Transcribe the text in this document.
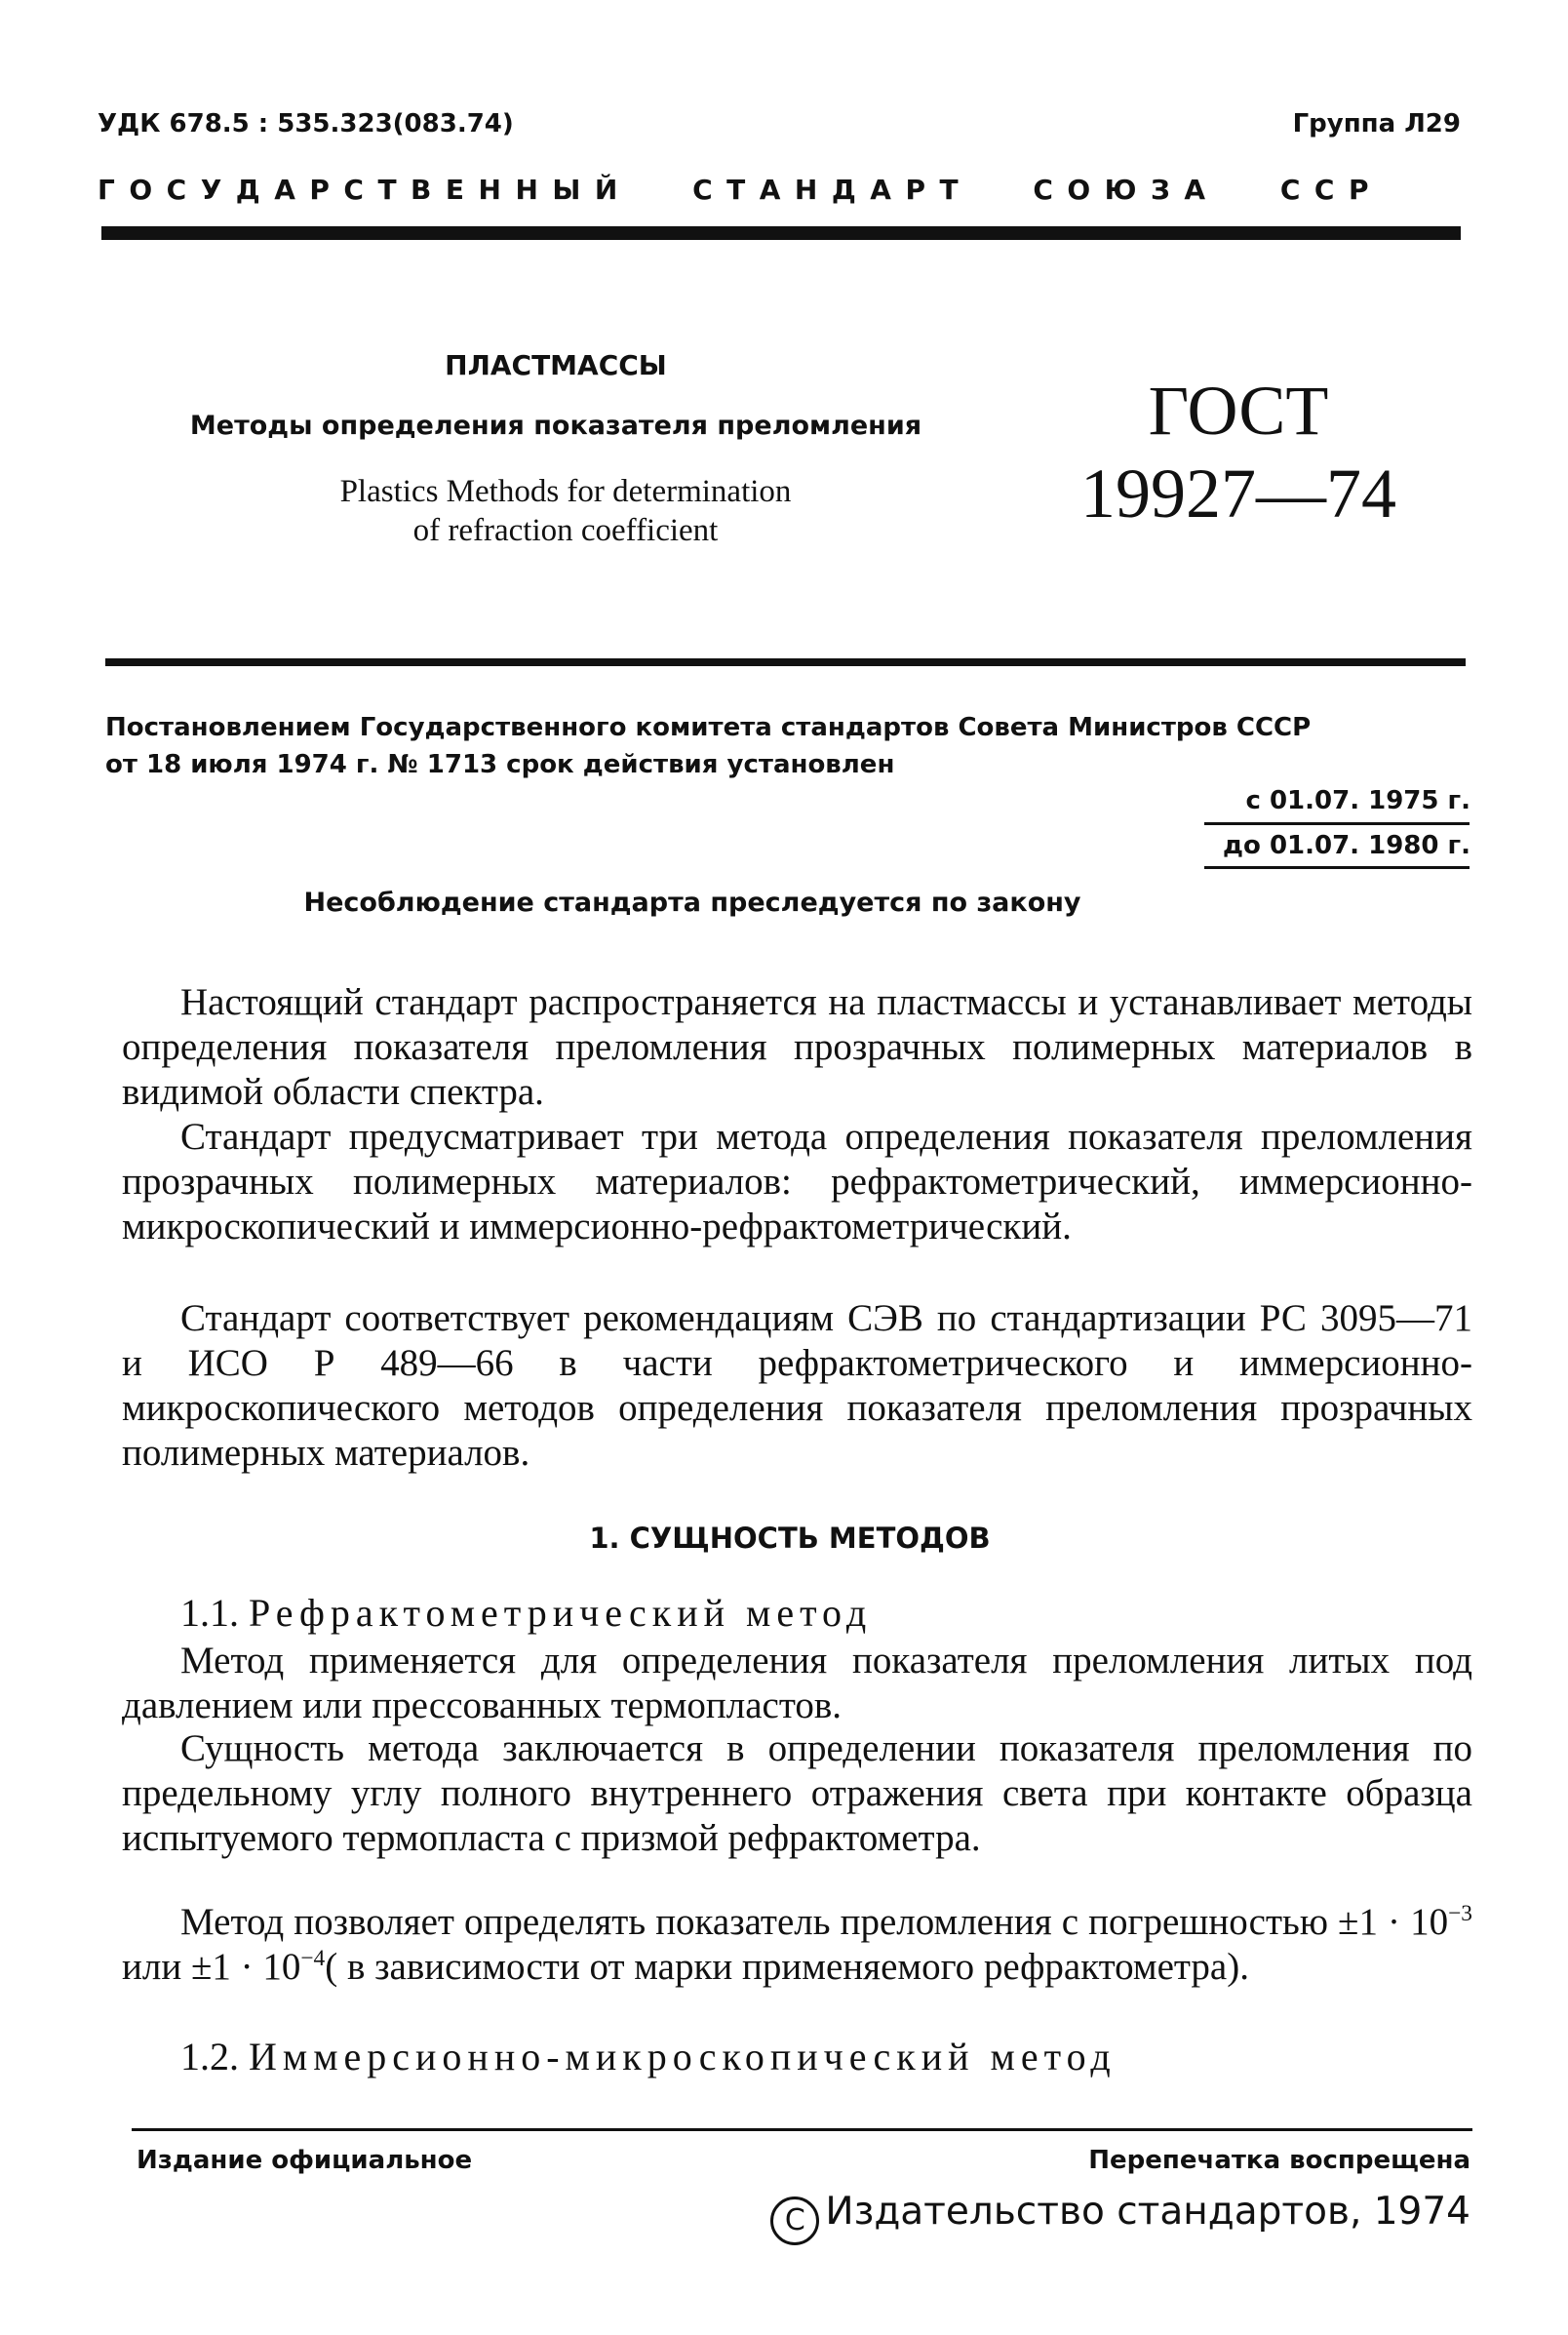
УДК 678.5 : 535.323(083.74)	Группа Л29
ГОСУДАРСТВЕННЫЙ СТАНДАРТ СОЮЗА ССР
ПЛАСТМАССЫ
Методы определения показателя преломления
Plastics Methods for determination
of refraction coefficient
ГОСТ
19927—74
Постановлением Государственного комитета стандартов Совета Министров СССР
от 18 июля 1974 г. № 1713 срок действия установлен
с 01.07. 1975 г.
до 01.07. 1980 г.
Несоблюдение стандарта преследуется по закону

Настоящий стандарт распространяется на пластмассы и устанавливает методы определения показателя преломления прозрачных полимерных материалов в видимой области спектра.

Стандарт предусматривает три метода определения показателя преломления прозрачных полимерных материалов: рефрактометрический, иммерсионно-микроскопический и иммерсионно-рефрактометрический.

Стандарт соответствует рекомендациям СЭВ по стандартизации РС 3095—71 и ИСО Р 489—66 в части рефрактометрического и иммерсионно-микроскопического методов определения показателя преломления прозрачных полимерных материалов.

1. СУЩНОСТЬ МЕТОДОВ
1.1. Рефрактометрический метод

Метод применяется для определения показателя преломления литых под давлением или прессованных термопластов.

Сущность метода заключается в определении показателя преломления по предельному углу полного внутреннего отражения света при контакте образца испытуемого термопласта с призмой рефрактометра.

Метод позволяет определять показатель преломления с погрешностью $\pm 1 \cdot 10^{-3}$ или $\pm 1 \cdot 10^{-4}$( в зависимости от марки применяемого рефрактометра).

1.2. Иммерсионно-микроскопический метод
Издание официальное	Перепечатка воспрещена
C Издательство стандартов, 1974
